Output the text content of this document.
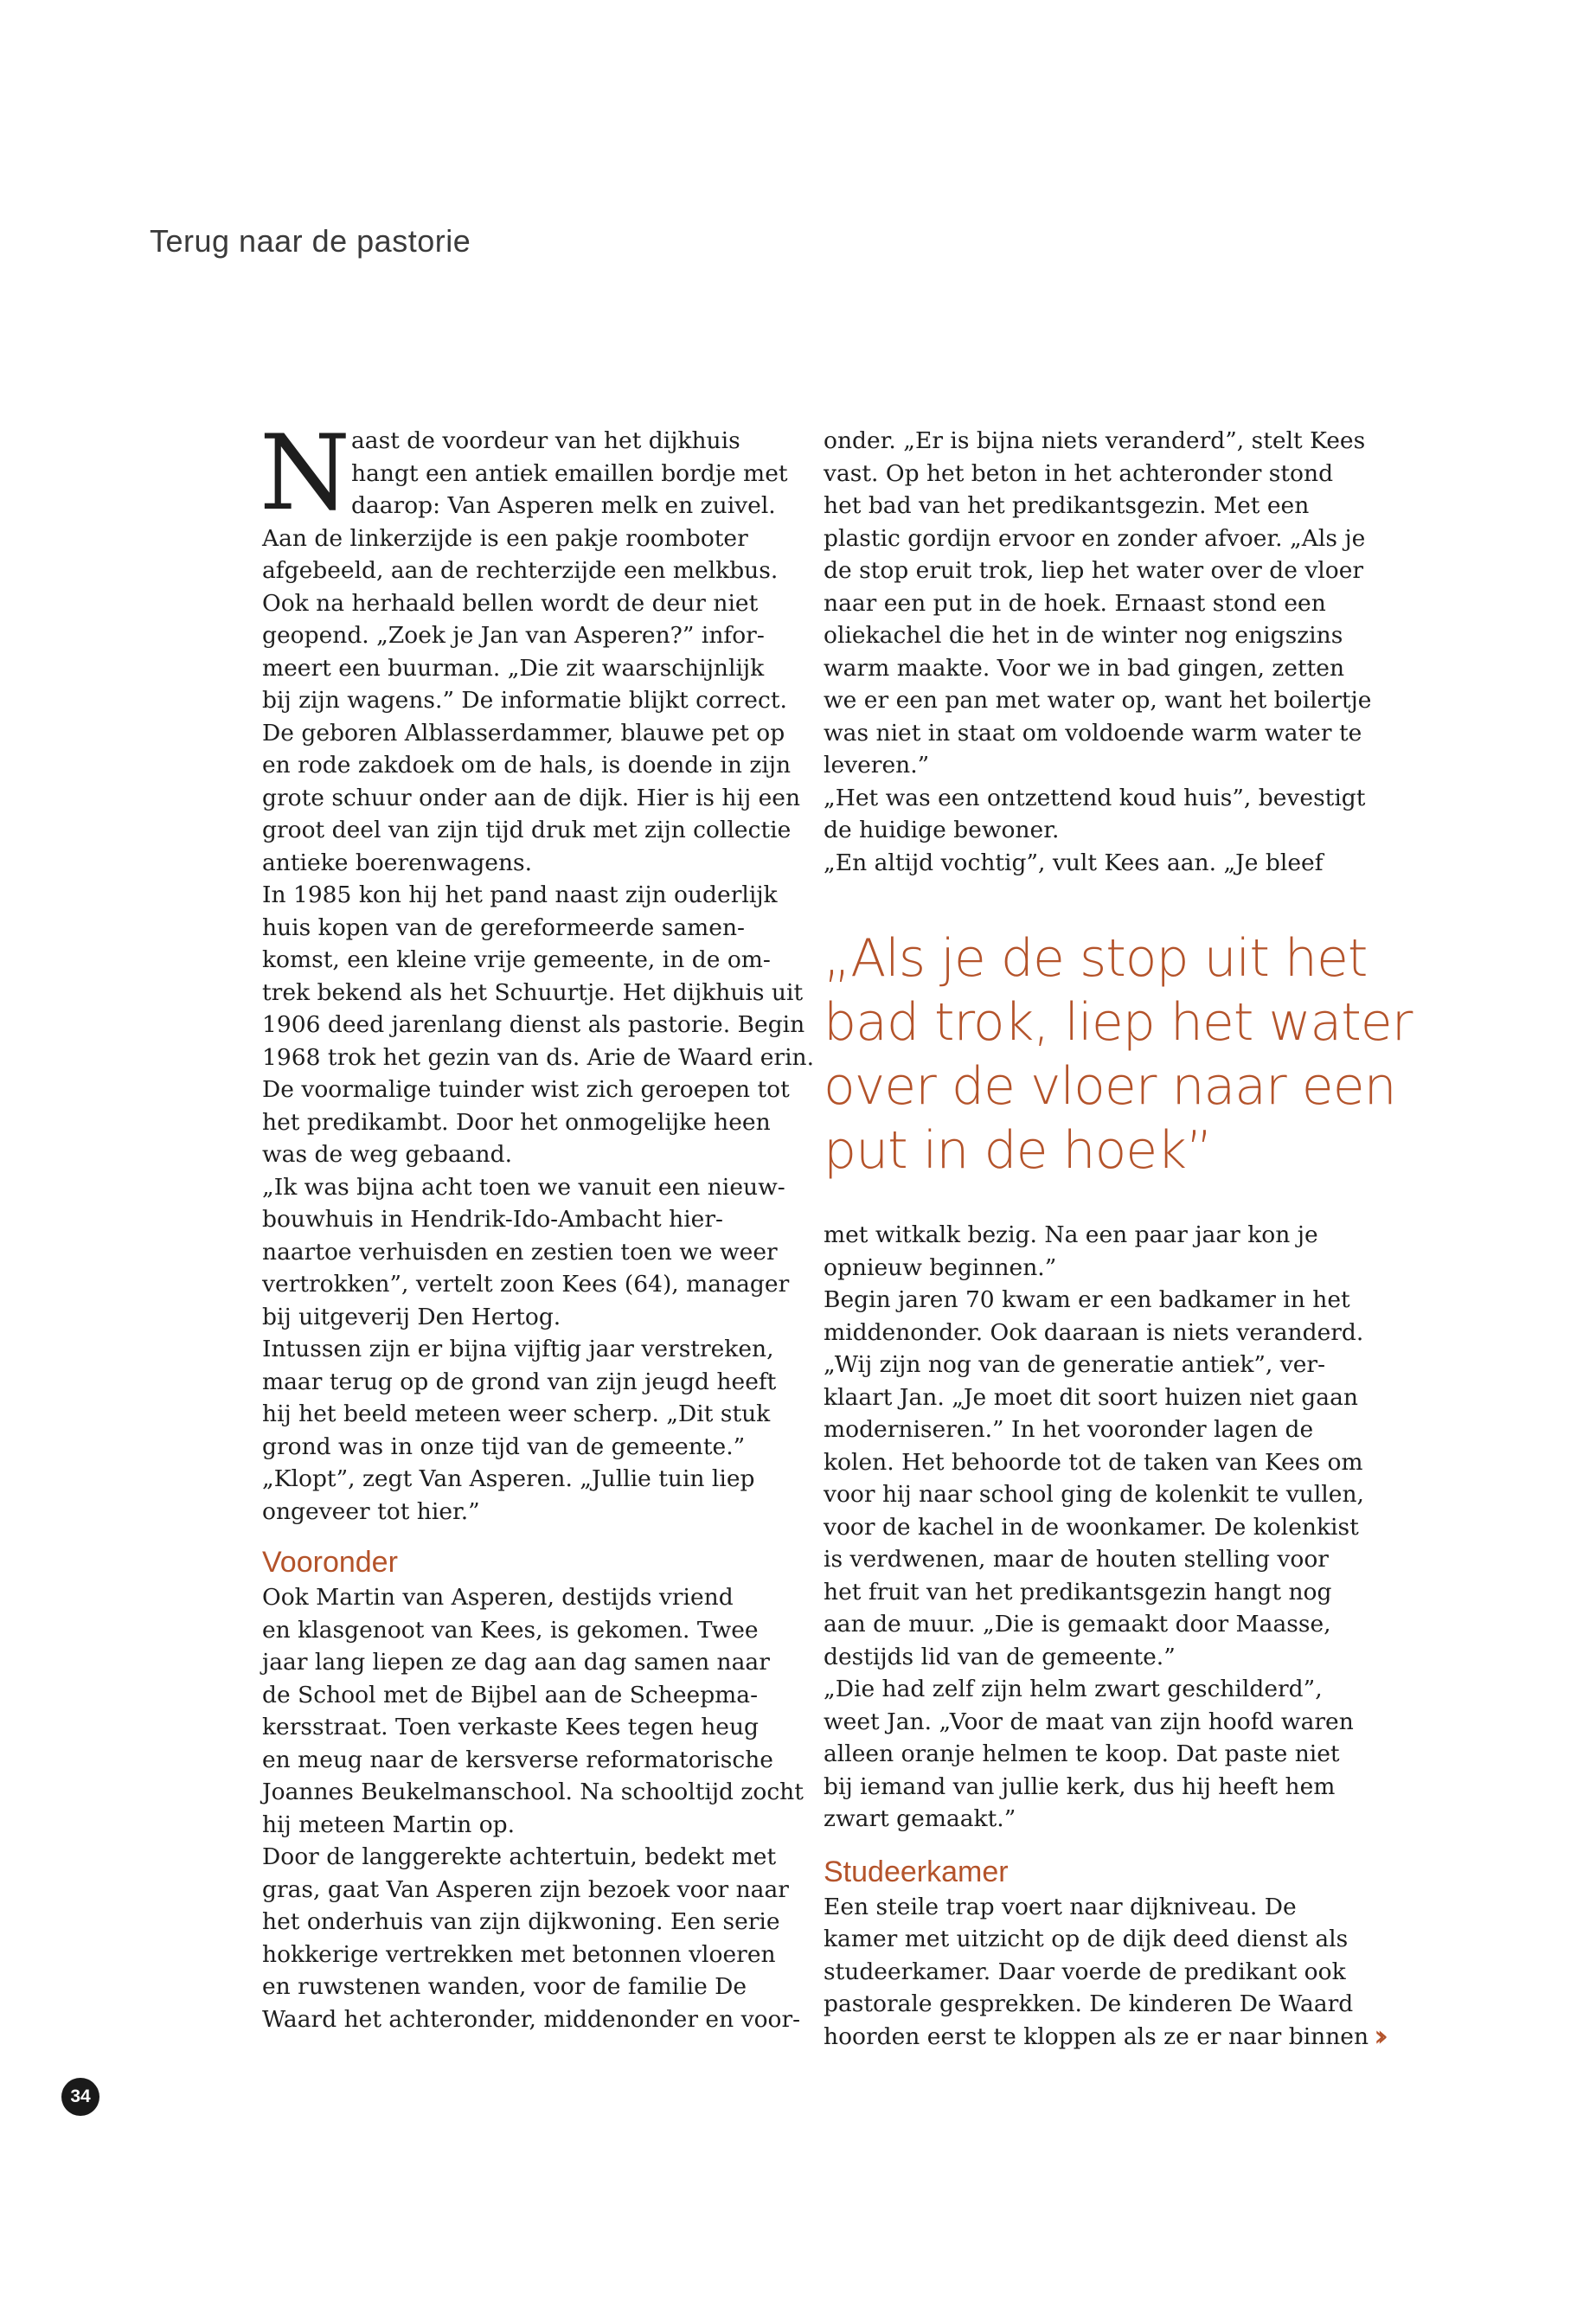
Terug naar de pastorie
N aast de voordeur van het dijkhuis

hangt een antiek emaillen bordje met

daarop: Van Asperen melk en zuivel.

Aan de linkerzijde is een pakje roomboter

afgebeeld, aan de rechterzijde een melkbus.

Ook na herhaald bellen wordt de deur niet

geopend. „Zoek je Jan van Asperen?” infor-

meert een buurman. „Die zit waarschijnlijk

bij zijn wagens.” De informatie blijkt correct.

De geboren Alblasserdammer, blauwe pet op

en rode zakdoek om de hals, is doende in zijn

grote schuur onder aan de dijk. Hier is hij een

groot deel van zijn tijd druk met zijn collectie

antieke boerenwagens.

In 1985 kon hij het pand naast zijn ouderlijk

huis kopen van de gereformeerde samen-

komst, een kleine vrije gemeente, in de om-

trek bekend als het Schuurtje. Het dijkhuis uit

1906 deed jarenlang dienst als pastorie. Begin

1968 trok het gezin van ds. Arie de Waard erin.

De voormalige tuinder wist zich geroepen tot

het predikambt. Door het onmogelijke heen

was de weg gebaand.

„Ik was bijna acht toen we vanuit een nieuw-

bouwhuis in Hendrik-Ido-Ambacht hier-

naartoe verhuisden en zestien toen we weer

vertrokken”, vertelt zoon Kees (64), manager

bij uitgeverij Den Hertog.

Intussen zijn er bijna vijftig jaar verstreken,

maar terug op de grond van zijn jeugd heeft

hij het beeld meteen weer scherp. „Dit stuk

grond was in onze tijd van de gemeente.”

„Klopt”, zegt Van Asperen. „Jullie tuin liep

ongeveer tot hier.”

Vooronder

Ook Martin van Asperen, destijds vriend

en klasgenoot van Kees, is gekomen. Twee

jaar lang liepen ze dag aan dag samen naar

de School met de Bijbel aan de Scheepma-

kersstraat. Toen verkaste Kees tegen heug

en meug naar de kersverse reformatorische

Joannes Beukelmanschool. Na schooltijd zocht

hij meteen Martin op.

Door de langgerekte achtertuin, bedekt met

gras, gaat Van Asperen zijn bezoek voor naar

het onderhuis van zijn dijkwoning. Een serie

hokkerige vertrekken met betonnen vloeren

en ruwstenen wanden, voor de familie De

Waard het achteronder, middenonder en voor-

onder. „Er is bijna niets veranderd”, stelt Kees

vast. Op het beton in het achteronder stond

het bad van het predikantsgezin. Met een

plastic gordijn ervoor en zonder afvoer. „Als je

de stop eruit trok, liep het water over de vloer

naar een put in de hoek. Ernaast stond een

oliekachel die het in de winter nog enigszins

warm maakte. Voor we in bad gingen, zetten

we er een pan met water op, want het boilertje

was niet in staat om voldoende warm water te

leveren.”

„Het was een ontzettend koud huis”, bevestigt

de huidige bewoner.

„En altijd vochtig”, vult Kees aan. „Je bleef

„Als je de stop uit het
bad trok, liep het water
over de vloer naar een
put in de hoek”

met witkalk bezig. Na een paar jaar kon je

opnieuw beginnen.”

Begin jaren 70 kwam er een badkamer in het

middenonder. Ook daaraan is niets veranderd.

„Wij zijn nog van de generatie antiek”, ver-

klaart Jan. „Je moet dit soort huizen niet gaan

moderniseren.” In het vooronder lagen de

kolen. Het behoorde tot de taken van Kees om

voor hij naar school ging de kolenkit te vullen,

voor de kachel in de woonkamer. De kolenkist

is verdwenen, maar de houten stelling voor

het fruit van het predikantsgezin hangt nog

aan de muur. „Die is gemaakt door Maasse,

destijds lid van de gemeente.”

„Die had zelf zijn helm zwart geschilderd”,

weet Jan. „Voor de maat van zijn hoofd waren

alleen oranje helmen te koop. Dat paste niet

bij iemand van jullie kerk, dus hij heeft hem

zwart gemaakt.”

Studeerkamer

Een steile trap voert naar dijkniveau. De

kamer met uitzicht op de dijk deed dienst als

studeerkamer. Daar voerde de predikant ook

pastorale gesprekken. De kinderen De Waard

hoorden eerst te kloppen als ze er naar binnen ››

34
